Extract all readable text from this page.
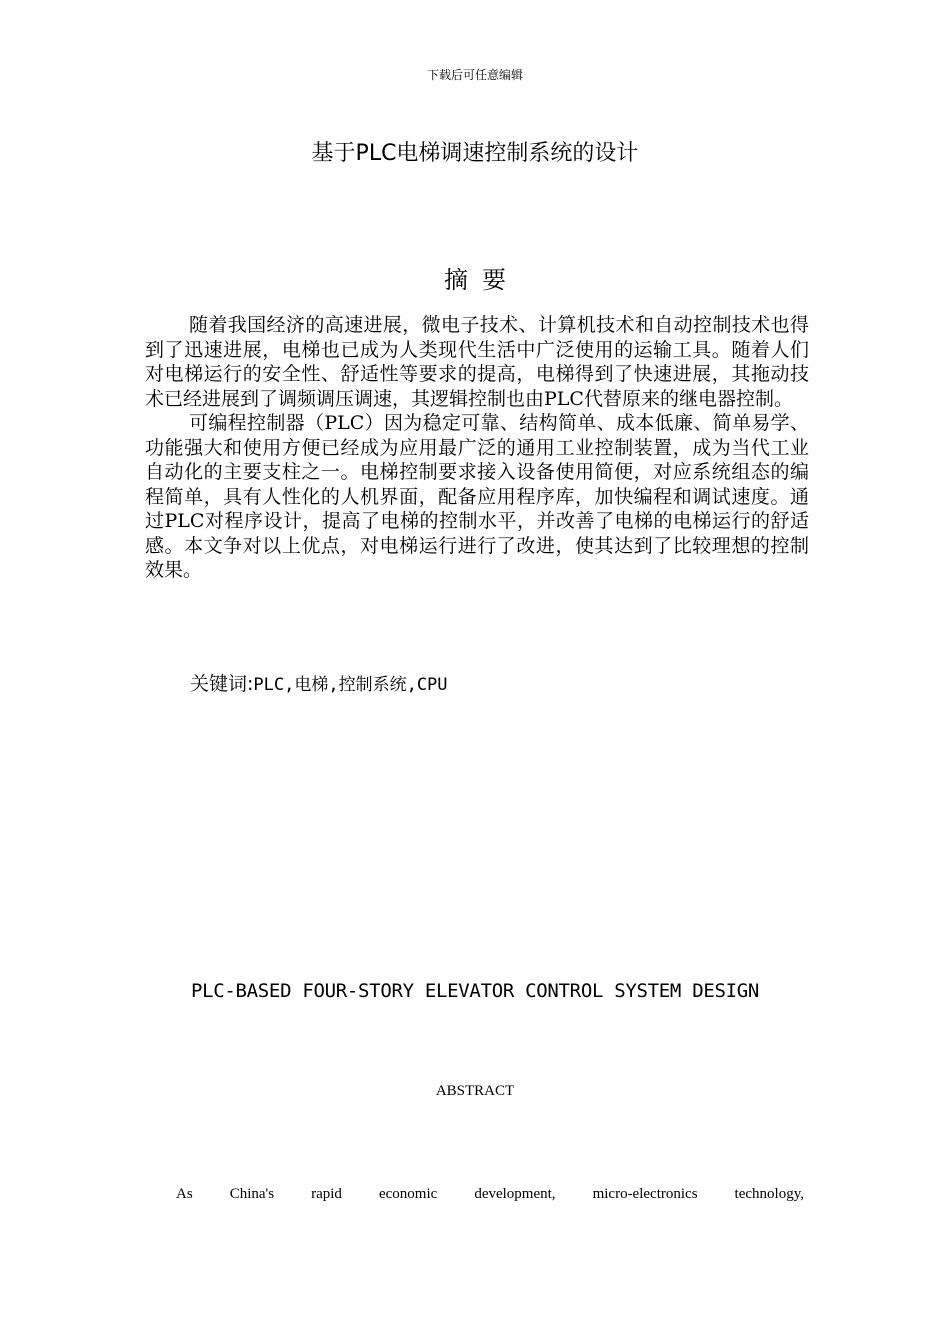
下载后可任意编辑
基于PLC电梯调速控制系统的设计
摘要

随着我国经济的高速进展，微电子技术、计算机技术和自动控制技术也得到了迅速进展，电梯也已成为人类现代生活中广泛使用的运输工具。随着人们对电梯运行的安全性、舒适性等要求的提高，电梯得到了快速进展，其拖动技术已经进展到了调频调压调速，其逻辑控制也由PLC代替原来的继电器控制。

可编程控制器（PLC）因为稳定可靠、结构简单、成本低廉、简单易学、功能强大和使用方便已经成为应用最广泛的通用工业控制装置，成为当代工业自动化的主要支柱之一。电梯控制要求接入设备使用简便，对应系统组态的编程简单，具有人性化的人机界面，配备应用程序库，加快编程和调试速度。通过PLC对程序设计，提高了电梯的控制水平，并改善了电梯的电梯运行的舒适感。本文争对以上优点，对电梯运行进行了改进，使其达到了比较理想的控制效果。

关键词:PLC,电梯,控制系统,CPU
PLC-BASED FOUR-STORY ELEVATOR CONTROL SYSTEM DESIGN
ABSTRACT
As China's rapid economic development, micro-electronics technology,
